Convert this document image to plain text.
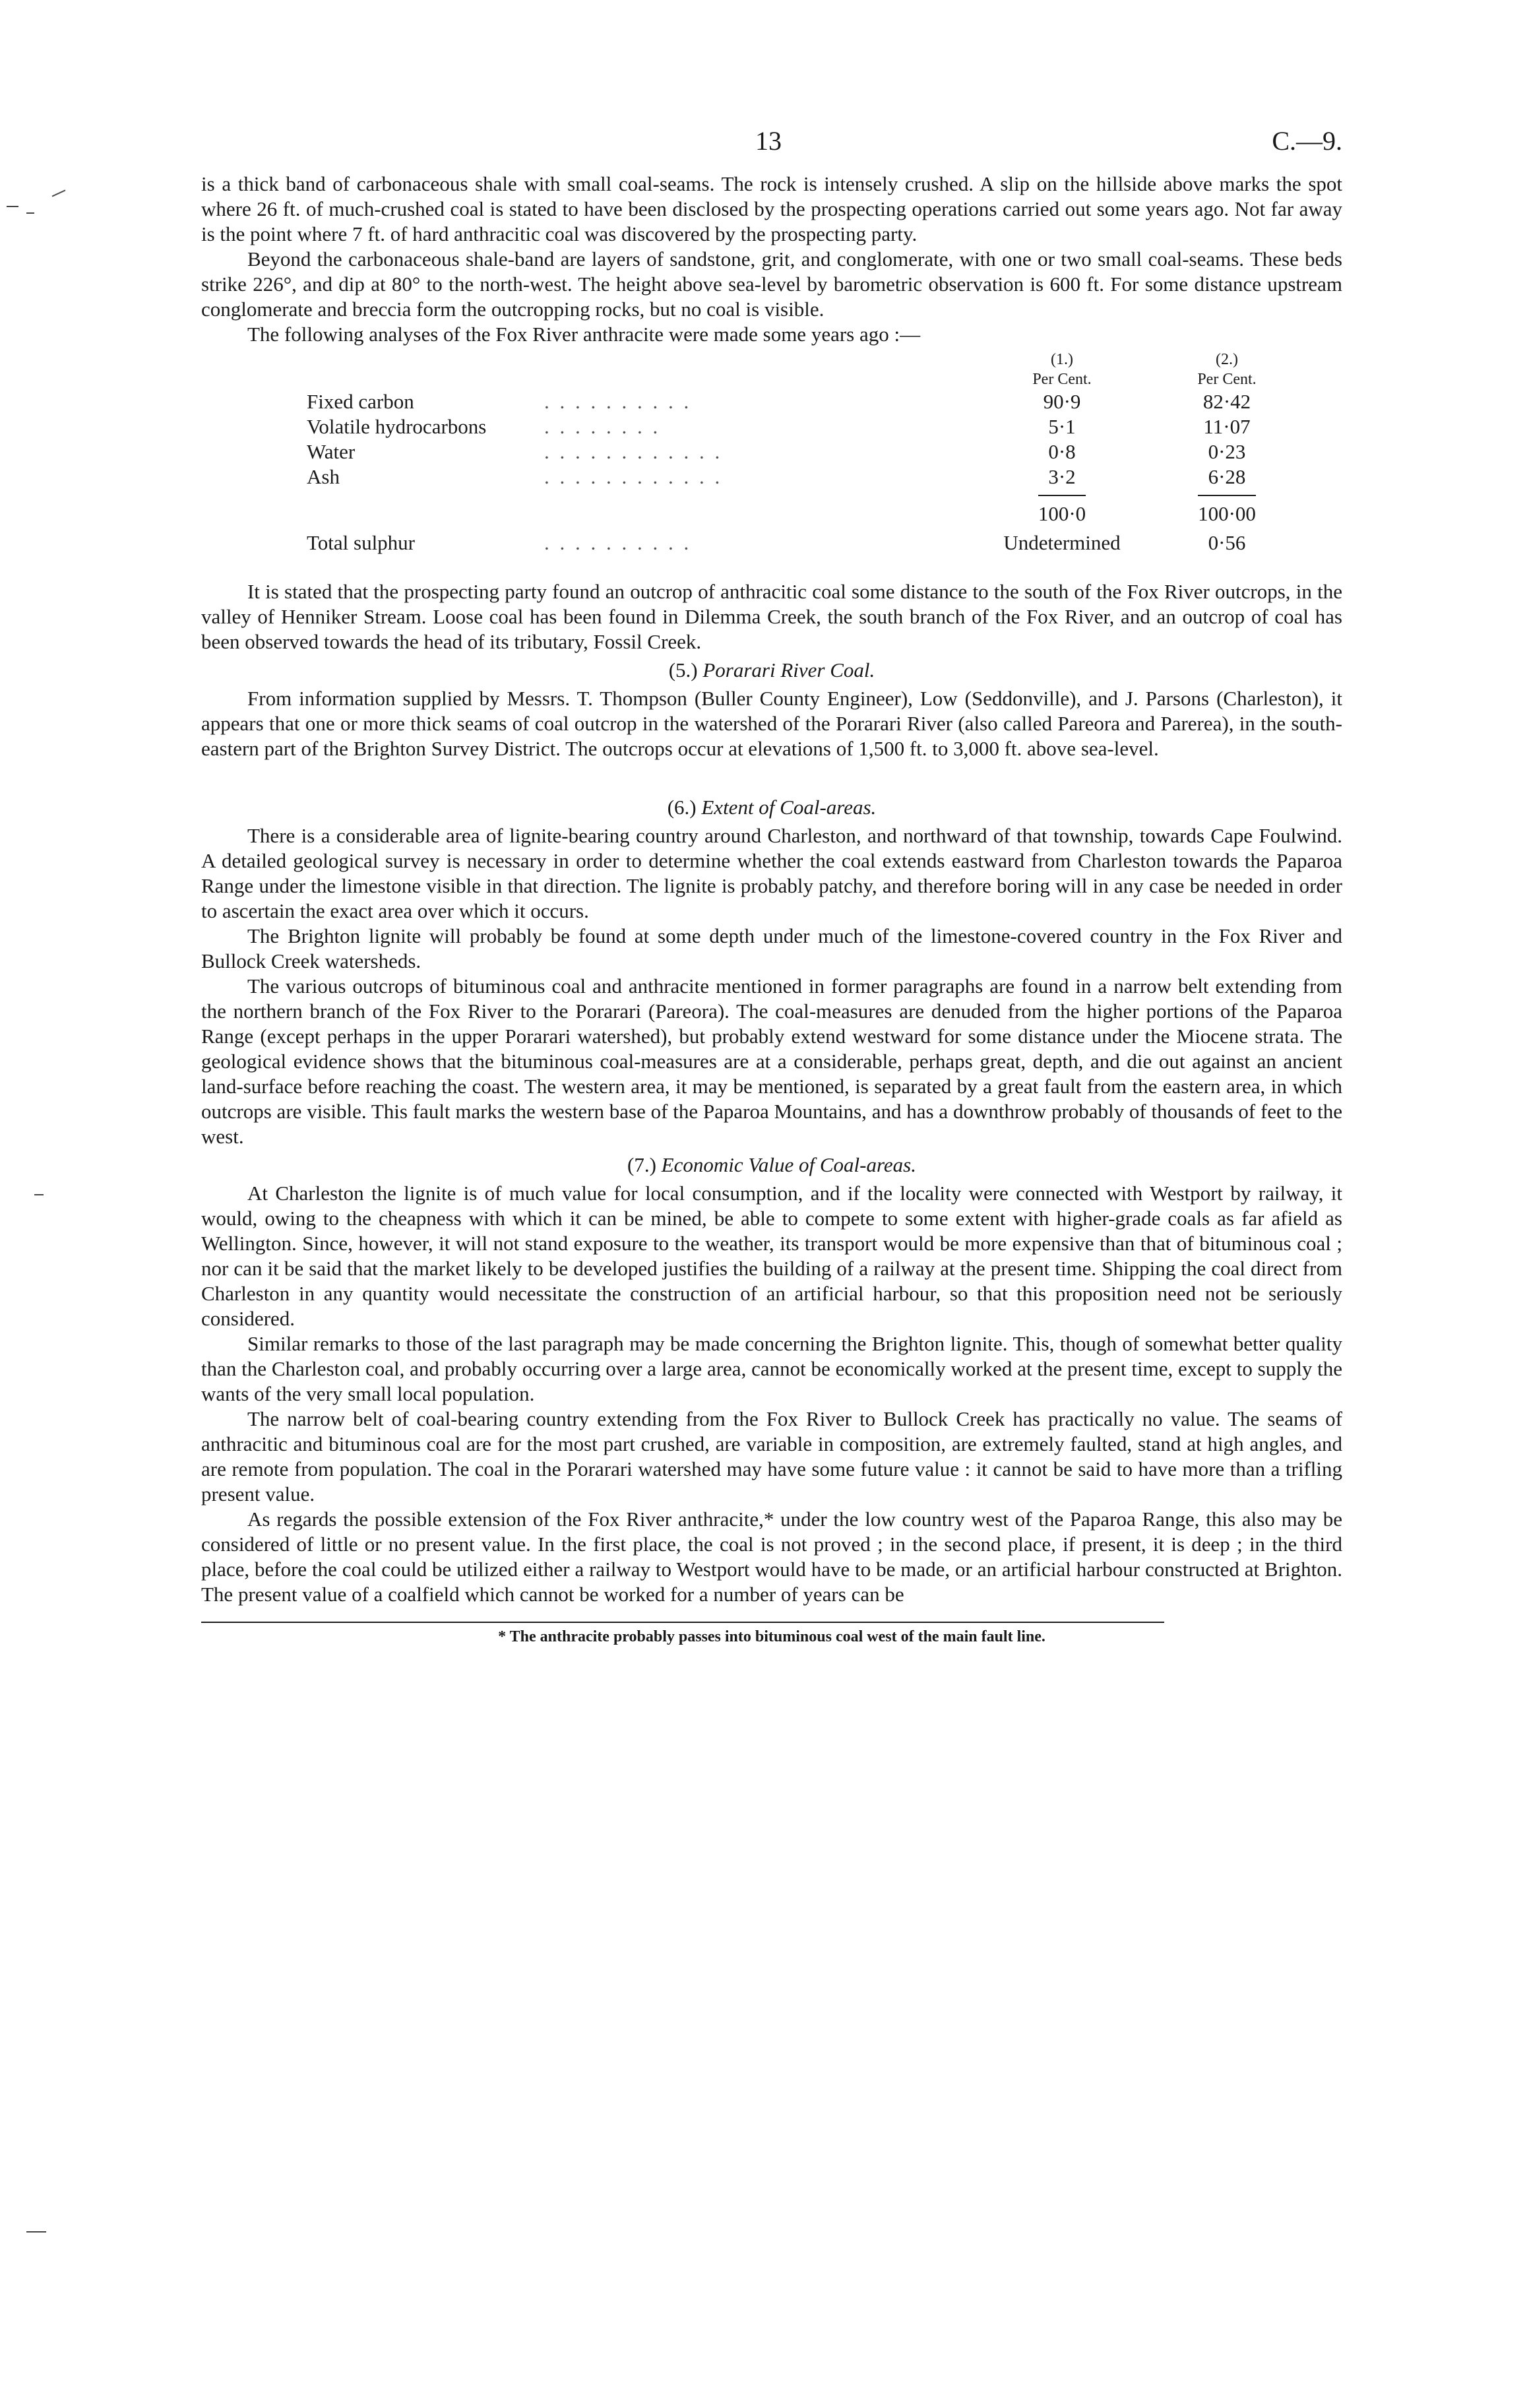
13	C.—9.

is a thick band of carbonaceous shale with small coal-seams. The rock is intensely crushed. A slip on the hillside above marks the spot where 26 ft. of much-crushed coal is stated to have been disclosed by the prospecting operations carried out some years ago. Not far away is the point where 7 ft. of hard anthracitic coal was discovered by the prospecting party.

Beyond the carbonaceous shale-band are layers of sandstone, grit, and conglomerate, with one or two small coal-seams. These beds strike 226°, and dip at 80° to the north-west. The height above sea-level by barometric observation is 600 ft. For some distance upstream conglomerate and breccia form the outcropping rocks, but no coal is visible.

The following analyses of the Fox River anthracite were made some years ago :—

		(1.)	(2.)
		Per Cent.	Per Cent.
Fixed carbon	. . . . . . . . . .	90·9	82·42
Volatile hydrocarbons	. . . . . . . .	5·1	11·07
Water	. . . . . . . . . . . .	0·8	0·23
Ash	. . . . . . . . . . . .	3·2	6·28
		100·0	100·00
Total sulphur	. . . . . . . . . .	Undetermined	0·56

It is stated that the prospecting party found an outcrop of anthracitic coal some distance to the south of the Fox River outcrops, in the valley of Henniker Stream. Loose coal has been found in Dilemma Creek, the south branch of the Fox River, and an outcrop of coal has been observed towards the head of its tributary, Fossil Creek.

(5.) Porarari River Coal.

From information supplied by Messrs. T. Thompson (Buller County Engineer), Low (Seddonville), and J. Parsons (Charleston), it appears that one or more thick seams of coal outcrop in the watershed of the Porarari River (also called Pareora and Parerea), in the south-eastern part of the Brighton Survey District. The outcrops occur at elevations of 1,500 ft. to 3,000 ft. above sea-level.

(6.) Extent of Coal-areas.

There is a considerable area of lignite-bearing country around Charleston, and northward of that township, towards Cape Foulwind. A detailed geological survey is necessary in order to determine whether the coal extends eastward from Charleston towards the Paparoa Range under the limestone visible in that direction. The lignite is probably patchy, and therefore boring will in any case be needed in order to ascertain the exact area over which it occurs.

The Brighton lignite will probably be found at some depth under much of the limestone-covered country in the Fox River and Bullock Creek watersheds.

The various outcrops of bituminous coal and anthracite mentioned in former paragraphs are found in a narrow belt extending from the northern branch of the Fox River to the Porarari (Pareora). The coal-measures are denuded from the higher portions of the Paparoa Range (except perhaps in the upper Porarari watershed), but probably extend westward for some distance under the Miocene strata. The geological evidence shows that the bituminous coal-measures are at a considerable, perhaps great, depth, and die out against an ancient land-surface before reaching the coast. The western area, it may be mentioned, is separated by a great fault from the eastern area, in which outcrops are visible. This fault marks the western base of the Paparoa Mountains, and has a downthrow probably of thousands of feet to the west.

(7.) Economic Value of Coal-areas.

At Charleston the lignite is of much value for local consumption, and if the locality were connected with Westport by railway, it would, owing to the cheapness with which it can be mined, be able to compete to some extent with higher-grade coals as far afield as Wellington. Since, however, it will not stand exposure to the weather, its transport would be more expensive than that of bituminous coal ; nor can it be said that the market likely to be developed justifies the building of a railway at the present time. Shipping the coal direct from Charleston in any quantity would necessitate the construction of an artificial harbour, so that this proposition need not be seriously considered.

Similar remarks to those of the last paragraph may be made concerning the Brighton lignite. This, though of somewhat better quality than the Charleston coal, and probably occurring over a large area, cannot be economically worked at the present time, except to supply the wants of the very small local population.

The narrow belt of coal-bearing country extending from the Fox River to Bullock Creek has practically no value. The seams of anthracitic and bituminous coal are for the most part crushed, are variable in composition, are extremely faulted, stand at high angles, and are remote from population. The coal in the Porarari watershed may have some future value : it cannot be said to have more than a trifling present value.

As regards the possible extension of the Fox River anthracite,* under the low country west of the Paparoa Range, this also may be considered of little or no present value. In the first place, the coal is not proved ; in the second place, if present, it is deep ; in the third place, before the coal could be utilized either a railway to Westport would have to be made, or an artificial harbour constructed at Brighton. The present value of a coalfield which cannot be worked for a number of years can be

* The anthracite probably passes into bituminous coal west of the main fault line.
